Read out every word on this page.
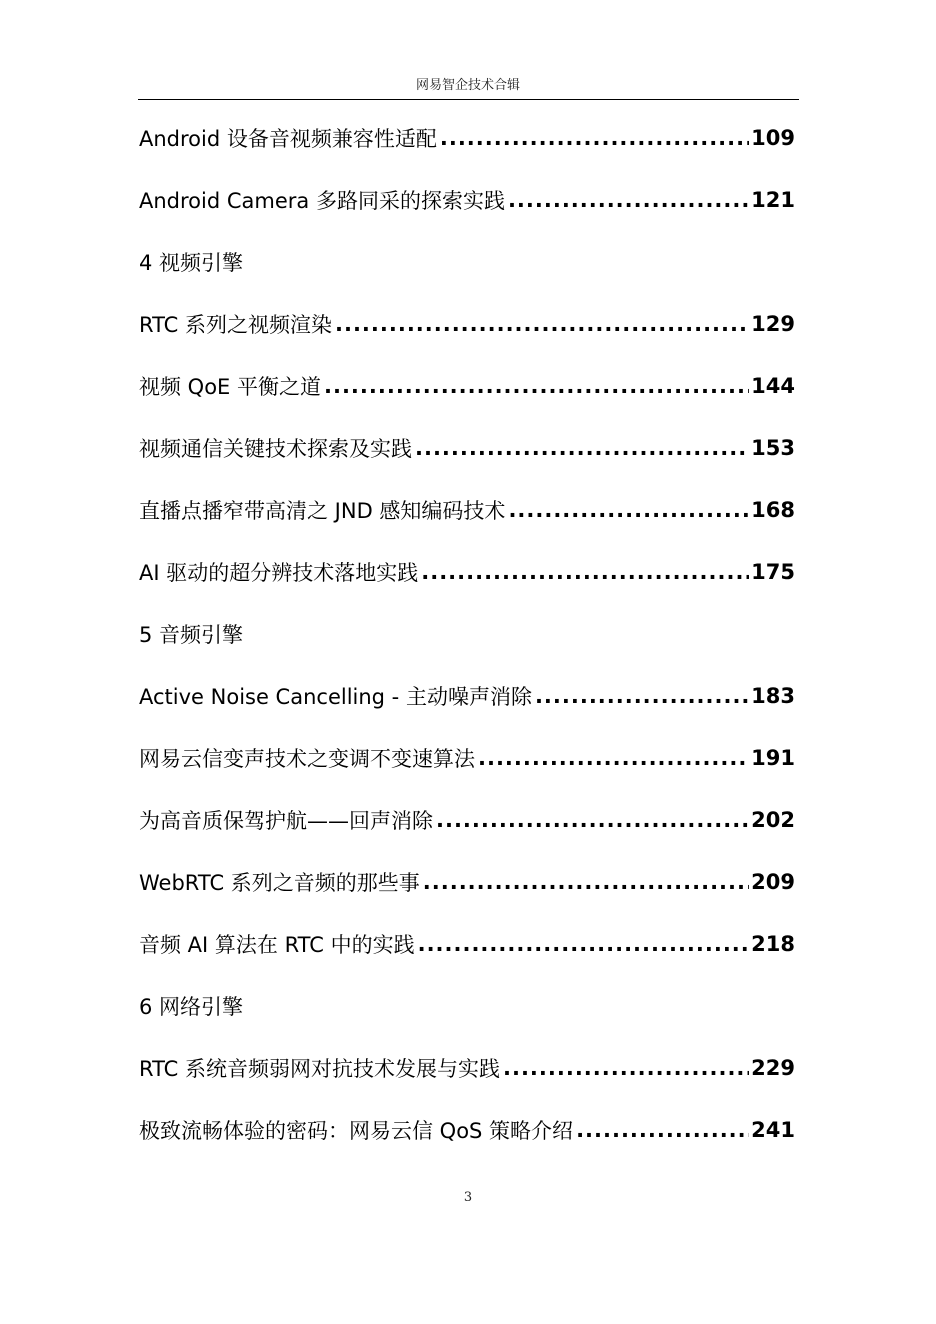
网易智企技术合辑
Android 设备音视频兼容性适配 .....	109
Android Camera 多路同采的探索实践 .....	121
4 视频引擎
RTC 系列之视频渲染 .....	129
视频 QoE 平衡之道 .....	144
视频通信关键技术探索及实践 .....	153
直播点播窄带高清之 JND 感知编码技术 .....	168
AI 驱动的超分辨技术落地实践 .....	175
5 音频引擎
Active Noise Cancelling - 主动噪声消除 .....	183
网易云信变声技术之变调不变速算法 .....	191
为高音质保驾护航——回声消除 .....	202
WebRTC 系列之音频的那些事 .....	209
音频 AI 算法在 RTC 中的实践 .....	218
6 网络引擎
RTC 系统音频弱网对抗技术发展与实践 .....	229
极致流畅体验的密码：网易云信 QoS 策略介绍 .....	241
3
